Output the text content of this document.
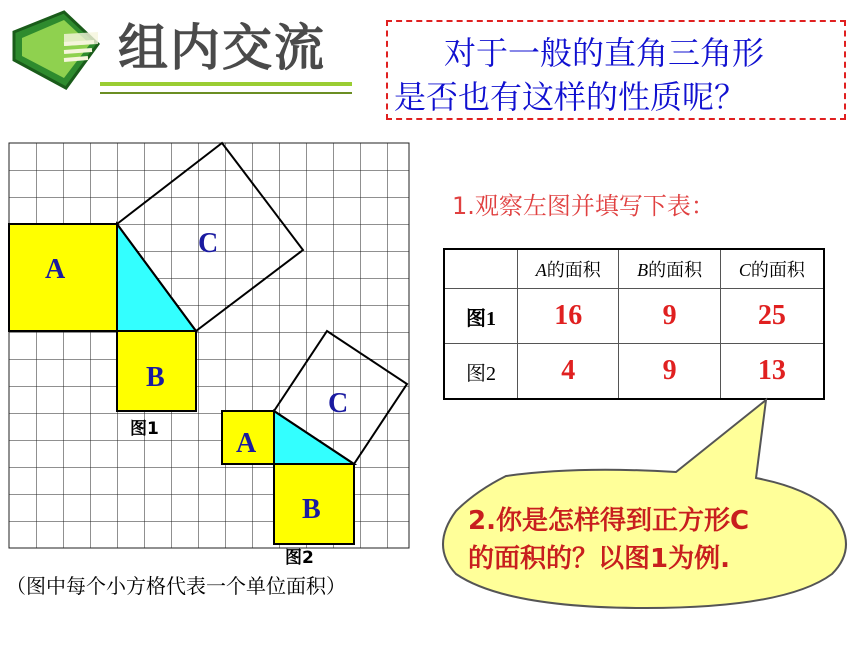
组内交流	对于一般的直角三角形
是否也有这样的性质呢？
A
B
C
A
B
C
图1
图2
（图中每个小方格代表一个单位面积）
1.观察左图并填写下表：
	A的面积	B的面积	C的面积
图1	16	9	25
图2	4	9	13
2.你是怎样得到正方形C
的面积的？以图1为例.
